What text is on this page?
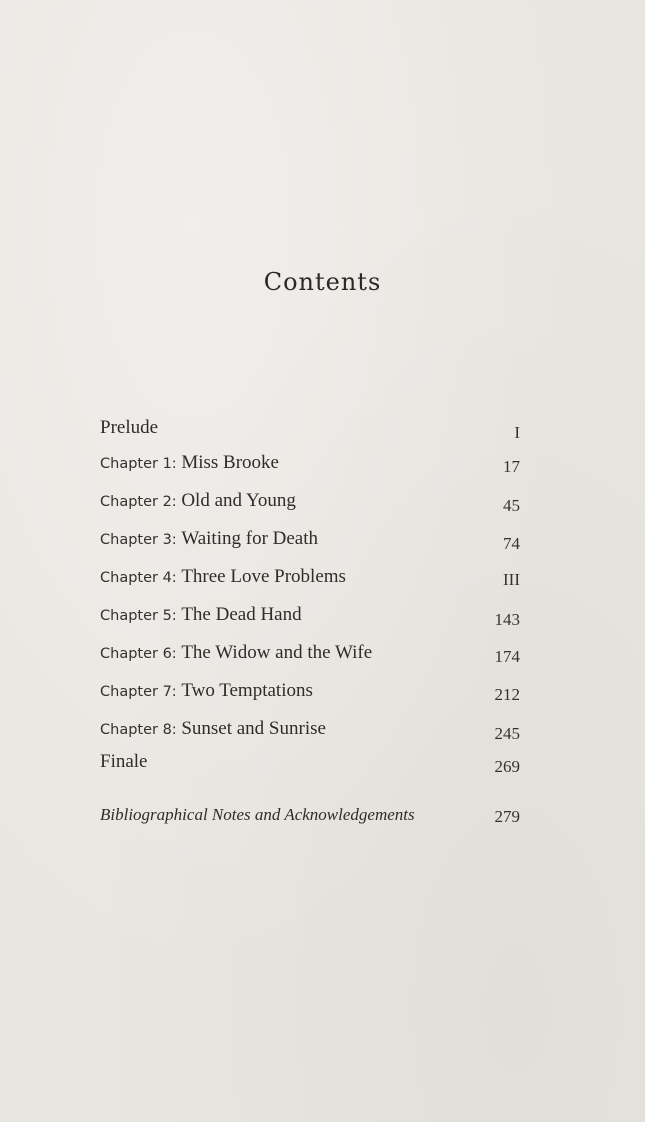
Contents
Prelude	I
Chapter 1: Miss Brooke	17
Chapter 2: Old and Young	45
Chapter 3: Waiting for Death	74
Chapter 4: Three Love Problems	III
Chapter 5: The Dead Hand	143
Chapter 6: The Widow and the Wife	174
Chapter 7: Two Temptations	212
Chapter 8: Sunset and Sunrise	245
Finale	269
Bibliographical Notes and Acknowledgements	279
